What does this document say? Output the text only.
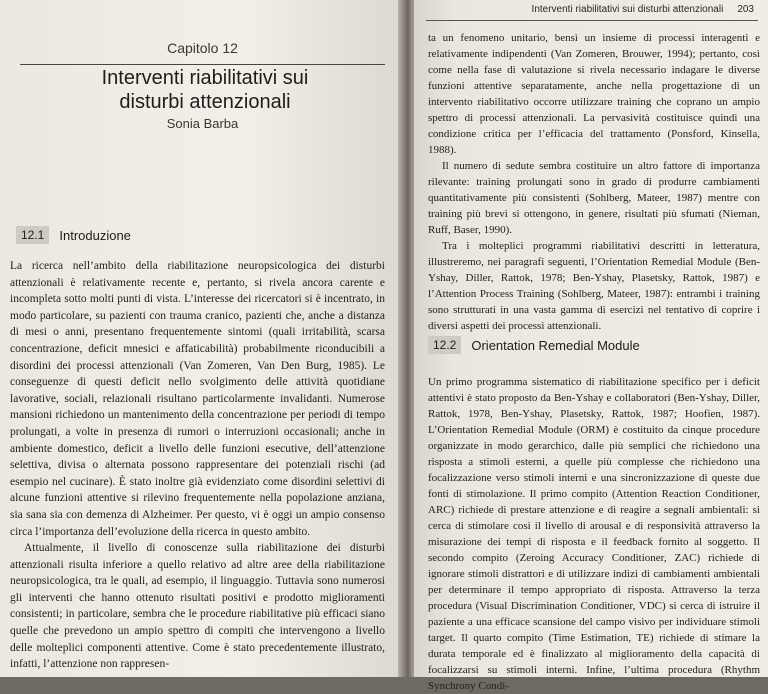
Capitolo 12
Interventi riabilitativi sui
disturbi attenzionali
Sonia Barba
12.1	Introduzione

La ricerca nell’ambito della riabilitazione neuropsicologica dei disturbi attenzionali è relativamente recente e, pertanto, si rivela ancora carente e incompleta sotto molti punti di vista. L’interesse dei ricercatori si è incentrato, in modo particolare, su pazienti con trauma cranico, pazienti che, anche a distanza di mesi o anni, presentano frequentemente sintomi (quali irritabilità, scarsa concentrazione, deficit mnesici e affaticabilità) probabilmente riconducibili a disordini dei processi attenzionali (Van Zomeren, Van Den Burg, 1985). Le conseguenze di questi deficit nello svolgimento delle attività quotidiane lavorative, sociali, relazionali risultano particolarmente invalidanti. Numerose mansioni richiedono un mantenimento della concentrazione per periodi di tempo prolungati, a volte in presenza di rumori o interruzioni occasionali; anche in ambiente domestico, deficit a livello delle funzioni esecutive, dell’attenzione selettiva, divisa o alternata possono rappresentare dei potenziali rischi (ad esempio nel cucinare). È stato inoltre già evidenziato come disordini selettivi di alcune funzioni attentive si rilevino frequentemente nella popolazione anziana, sia sana sia con demenza di Alzheimer. Per questo, vi è oggi un ampio consenso circa l’importanza dell’evoluzione della ricerca in questo ambito.

Attualmente, il livello di conoscenze sulla riabilitazione dei disturbi attenzionali risulta inferiore a quello relativo ad altre aree della riabilitazione neuropsicologica, tra le quali, ad esempio, il linguaggio. Tuttavia sono numerosi gli interventi che hanno ottenuto risultati positivi e prodotto miglioramenti consistenti; in particolare, sembra che le procedure riabilitative più efficaci siano quelle che prevedono un ampio spettro di compiti che intervengono a livello delle molteplici componenti attentive. Come è stato precedentemente illustrato, infatti, l’attenzione non rappresen-

Interventi riabilitativi sui disturbi attenzionali 203

ta un fenomeno unitario, bensì un insieme di processi interagenti e relativamente indipendenti (Van Zomeren, Brouwer, 1994); pertanto, così come nella fase di valutazione si rivela necessario indagare le diverse funzioni attentive separatamente, anche nella progettazione di un intervento riabilitativo occorre utilizzare training che coprano un ampio spettro di processi attenzionali. La pervasività costituisce quindi una condizione critica per l’efficacia del trattamento (Ponsford, Kinsella, 1988).

Il numero di sedute sembra costituire un altro fattore di importanza rilevante: training prolungati sono in grado di produrre cambiamenti quantitativamente più consistenti (Sohlberg, Mateer, 1987) mentre con training più brevi si ottengono, in genere, risultati più sfumati (Nieman, Ruff, Baser, 1990).

Tra i molteplici programmi riabilitativi descritti in letteratura, illustreremo, nei paragrafi seguenti, l’Orientation Remedial Module (Ben-Yshay, Diller, Rattok, 1978; Ben-Yshay, Plasetsky, Rattok, 1987) e l’Attention Process Training (Sohlberg, Mateer, 1987): entrambi i training sono strutturati in una vasta gamma di esercizi nel tentativo di coprire i diversi aspetti dei processi attenzionali.

12.2	Orientation Remedial Module

Un primo programma sistematico di riabilitazione specifico per i deficit attentivi è stato proposto da Ben-Yshay e collaboratori (Ben-Yshay, Diller, Rattok, 1978, Ben-Yshay, Plasetsky, Rattok, 1987; Hoofien, 1987). L’Orientation Remedial Module (ORM) è costituito da cinque procedure organizzate in modo gerarchico, dalle più semplici che richiedono una risposta a stimoli esterni, a quelle più complesse che richiedono una focalizzazione verso stimoli interni e una sincronizzazione di queste due fonti di stimolazione. Il primo compito (Attention Reaction Conditioner, ARC) richiede di prestare attenzione e di reagire a segnali ambientali: si cerca di stimolare così il livello di arousal e di responsività attraverso la misurazione dei tempi di risposta e il feedback fornito al soggetto. Il secondo compito (Zeroing Accuracy Conditioner, ZAC) richiede di ignorare stimoli distrattori e di utilizzare indizi di cambiamenti ambientali per determinare il tempo appropriato di risposta. Attraverso la terza procedura (Visual Discrimination Conditioner, VDC) si cerca di istruire il paziente a una efficace scansione del campo visivo per individuare stimoli target. Il quarto compito (Time Estimation, TE) richiede di stimare la durata temporale ed è finalizzato al miglioramento della capacità di focalizzarsi su stimoli interni. Infine, l’ultima procedura (Rhythm Synchrony Condi-
